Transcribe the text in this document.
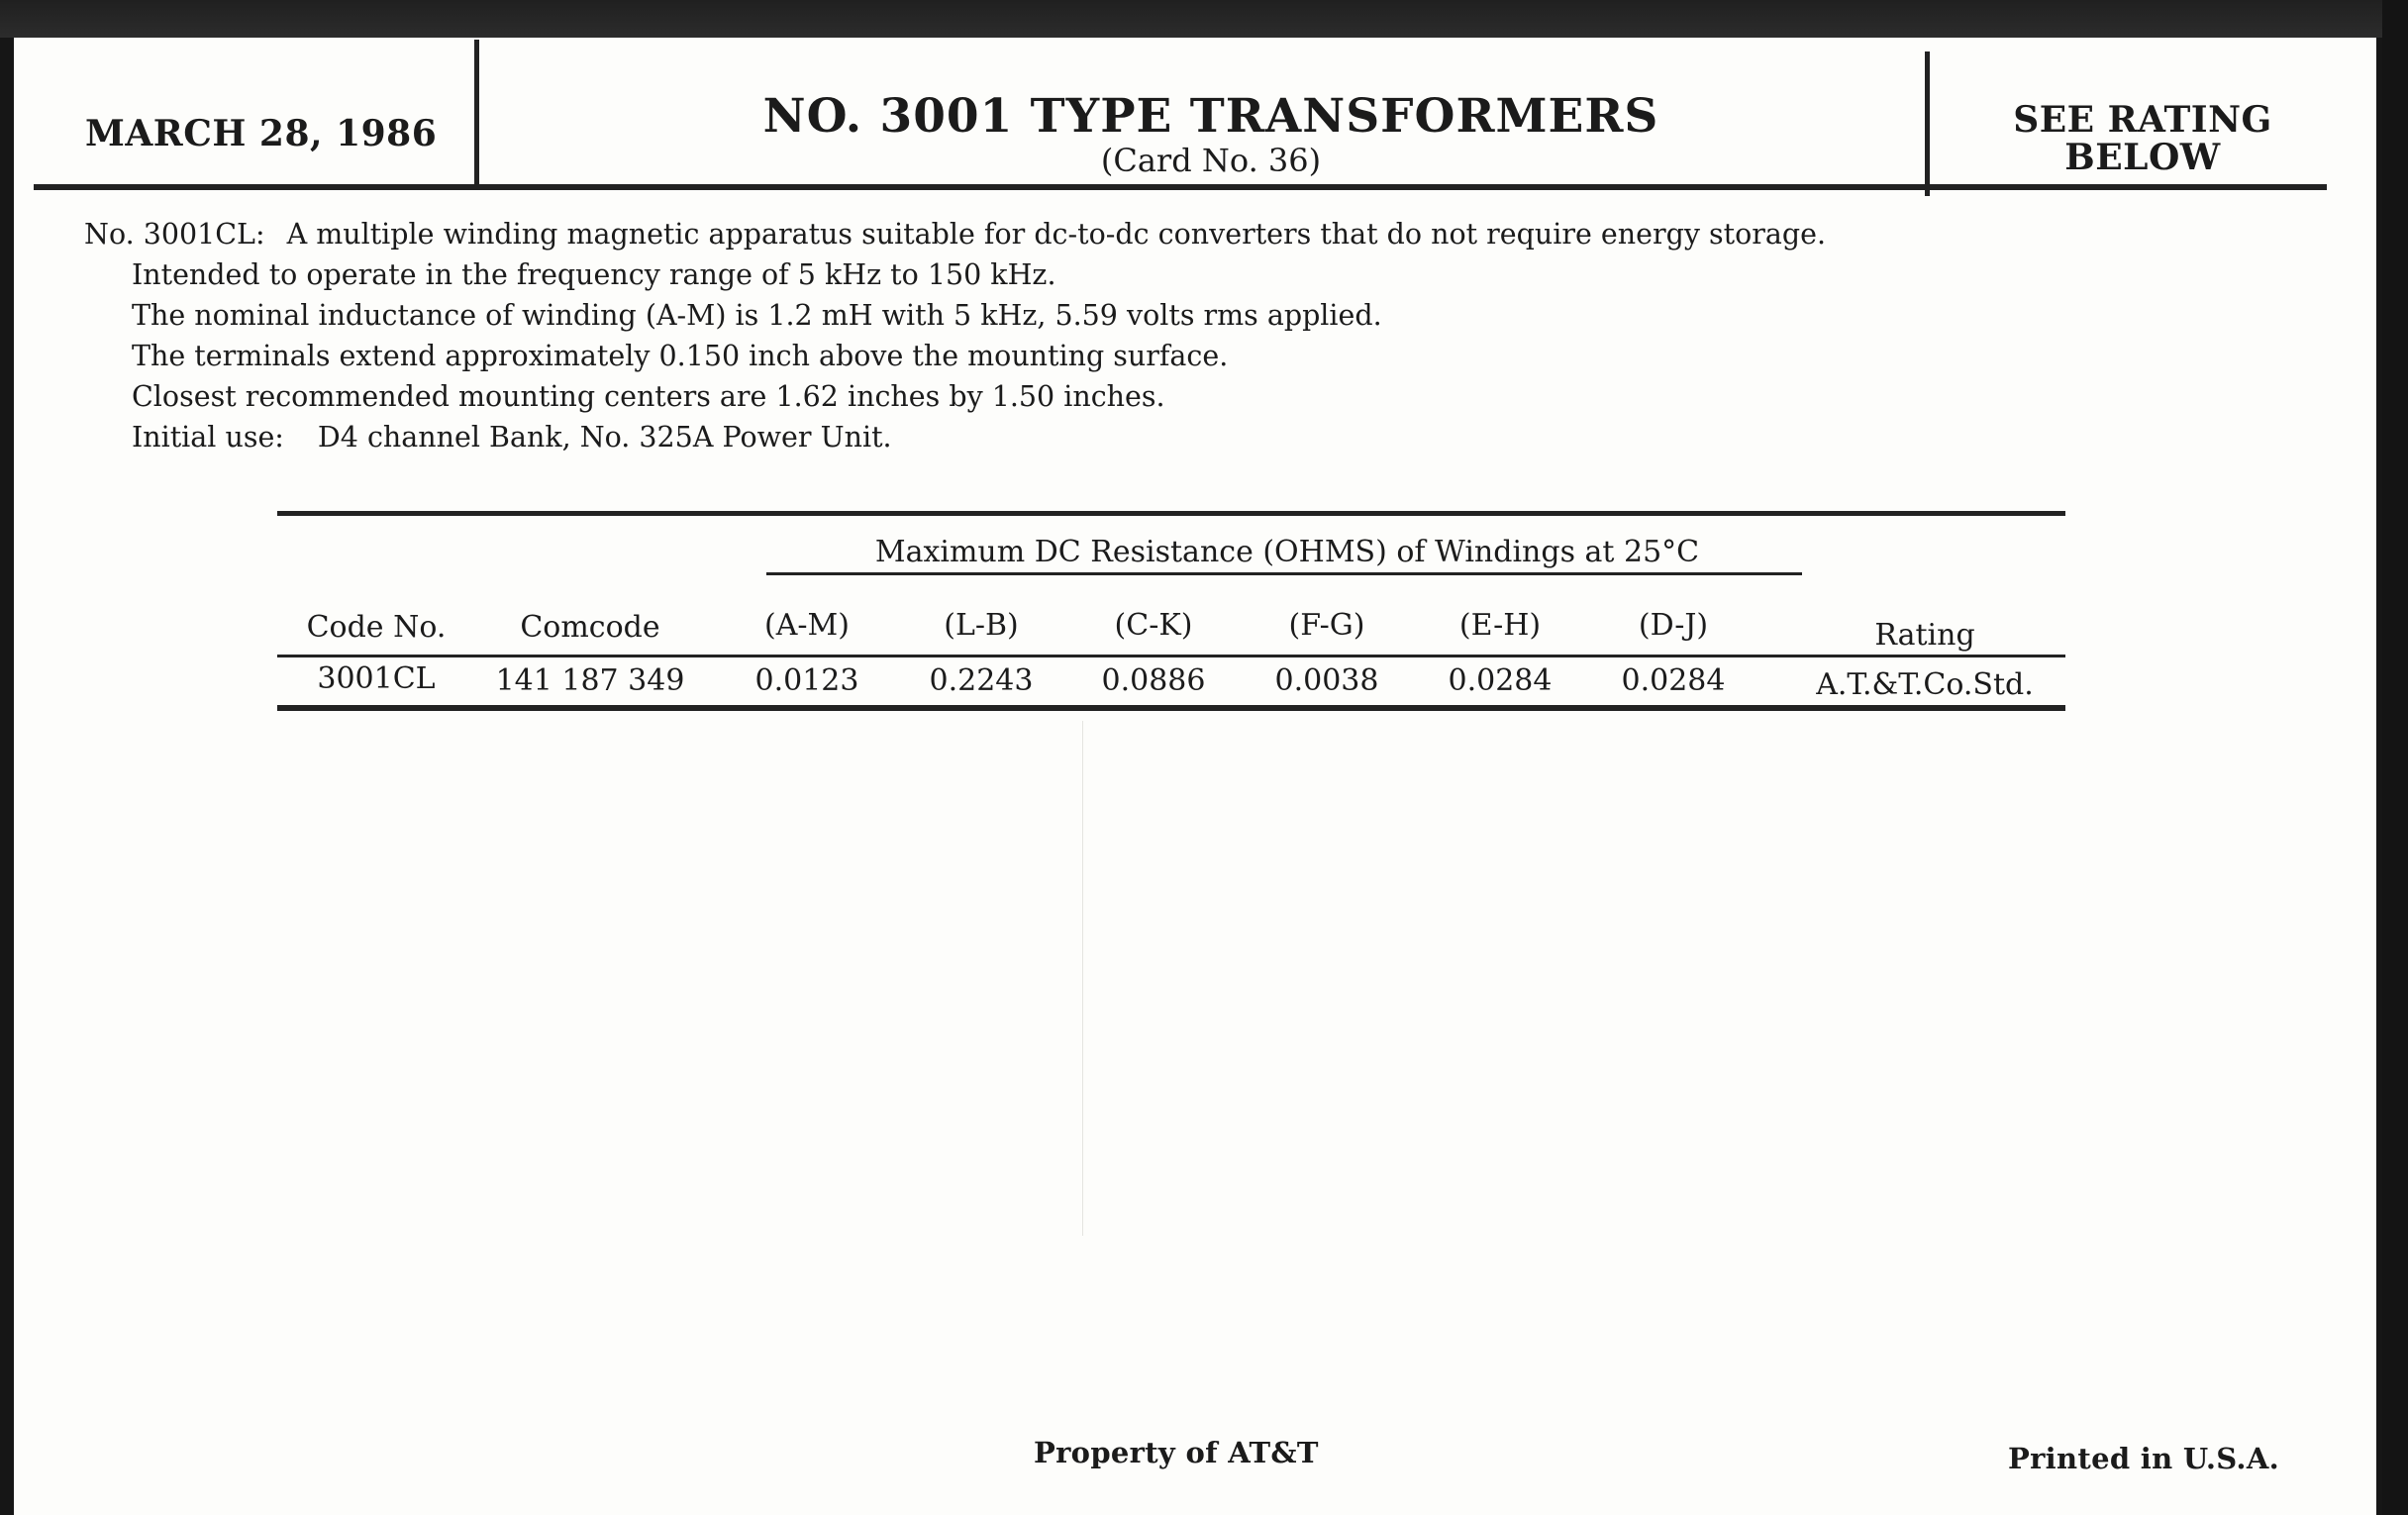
MARCH 28, 1986	NO. 3001 TYPE TRANSFORMERS
(Card No. 36)
SEE RATING
BELOW
No. 3001CL: A multiple winding magnetic apparatus suitable for dc-to-dc converters that do not require energy storage.
Intended to operate in the frequency range of 5 kHz to 150 kHz.
The nominal inductance of winding (A-M) is 1.2 mH with 5 kHz, 5.59 volts rms applied.
The terminals extend approximately 0.150 inch above the mounting surface.
Closest recommended mounting centers are 1.62 inches by 1.50 inches.
Initial use: D4 channel Bank, No. 325A Power Unit.
Maximum DC Resistance (OHMS) of Windings at 25°C
Code No.	Comcode	(A-M)	(L-B)	(C-K)	(F-G)	(E-H)	(D-J)	Rating
3001CL	141 187 349	0.0123	0.2243	0.0886	0.0038	0.0284	0.0284	A.T.&T.Co.Std.
Property of AT&T	Printed in U.S.A.
